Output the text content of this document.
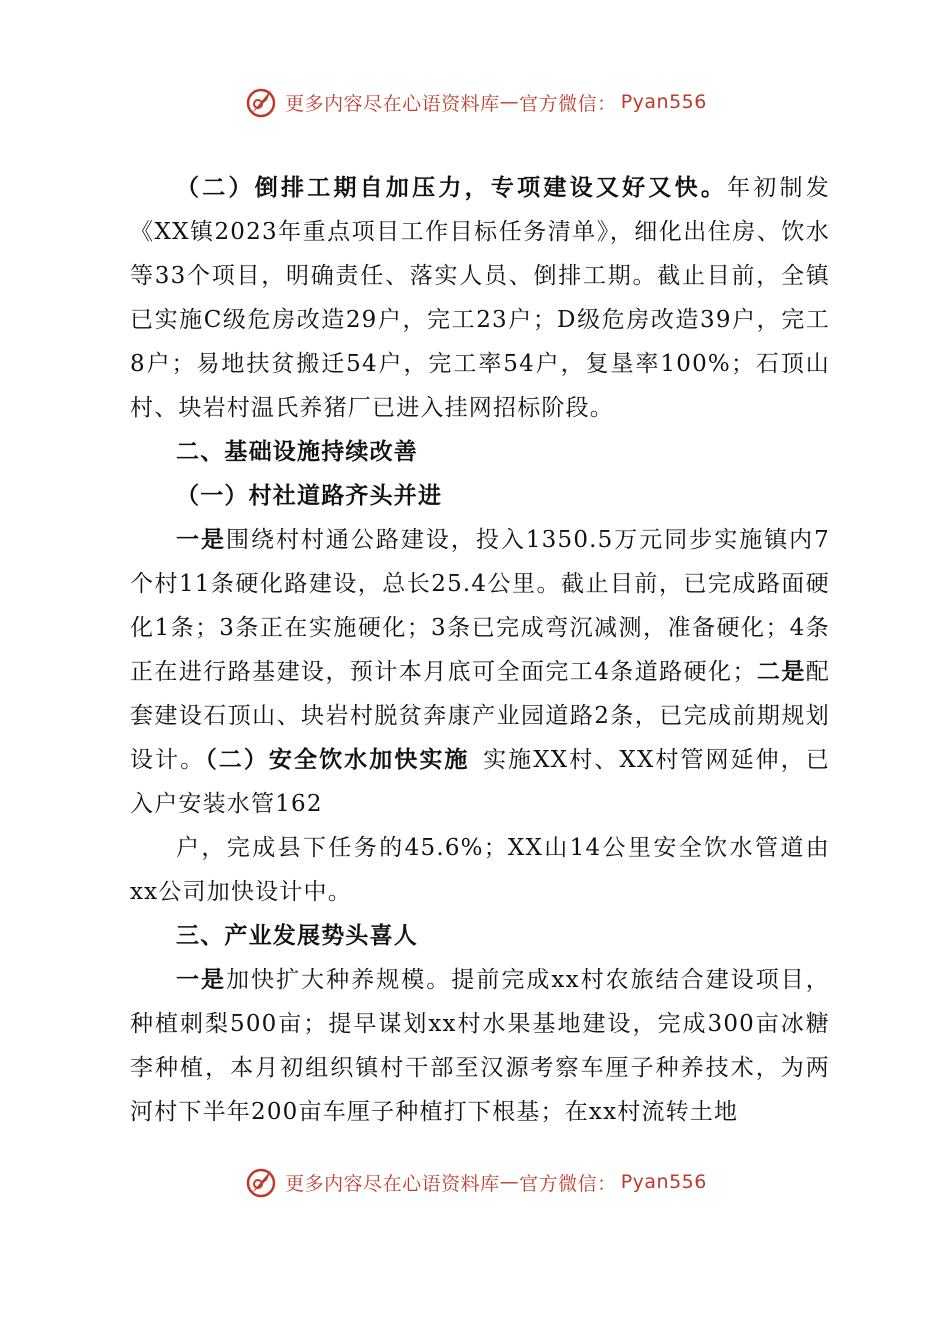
更多内容尽在心语资料库 — 官方微信： Pyan556

（二）倒排工期自加压力，专项建设又好又快。年初制发《XX镇2023年重点项目工作目标任务清单》，细化出住房、饮水等33个项目，明确责任、落实人员、倒排工期。截止目前，全镇已实施C级危房改造29户，完工23户；D级危房改造39户，完工8户；易地扶贫搬迁54户，完工率54户，复垦率100%；石顶山村、块岩村温氏养猪厂已进入挂网招标阶段。

二、基础设施持续改善

（一）村社道路齐头并进

一是围绕村村通公路建设，投入1350.5万元同步实施镇内7个村11条硬化路建设，总长25.4公里。截止目前，已完成路面硬化1条；3条正在实施硬化；3条已完成弯沉减测，准备硬化；4条正在进行路基建设，预计本月底可全面完工4条道路硬化；二是配套建设石顶山、块岩村脱贫奔康产业园道路2条，已完成前期规划设计。（二）安全饮水加快实施  实施XX村、XX村管网延伸，已入户安装水管162

户，完成县下任务的45.6%；XX山14公里安全饮水管道由xx公司加快设计中。

三、产业发展势头喜人

一是加快扩大种养规模。提前完成xx村农旅结合建设项目，种植刺梨500亩；提早谋划xx村水果基地建设，完成300亩冰糖李种植，本月初组织镇村干部至汉源考察车厘子种养技术，为两河村下半年200亩车厘子种植打下根基；在xx村流转土地

更多内容尽在心语资料库 — 官方微信： Pyan556
